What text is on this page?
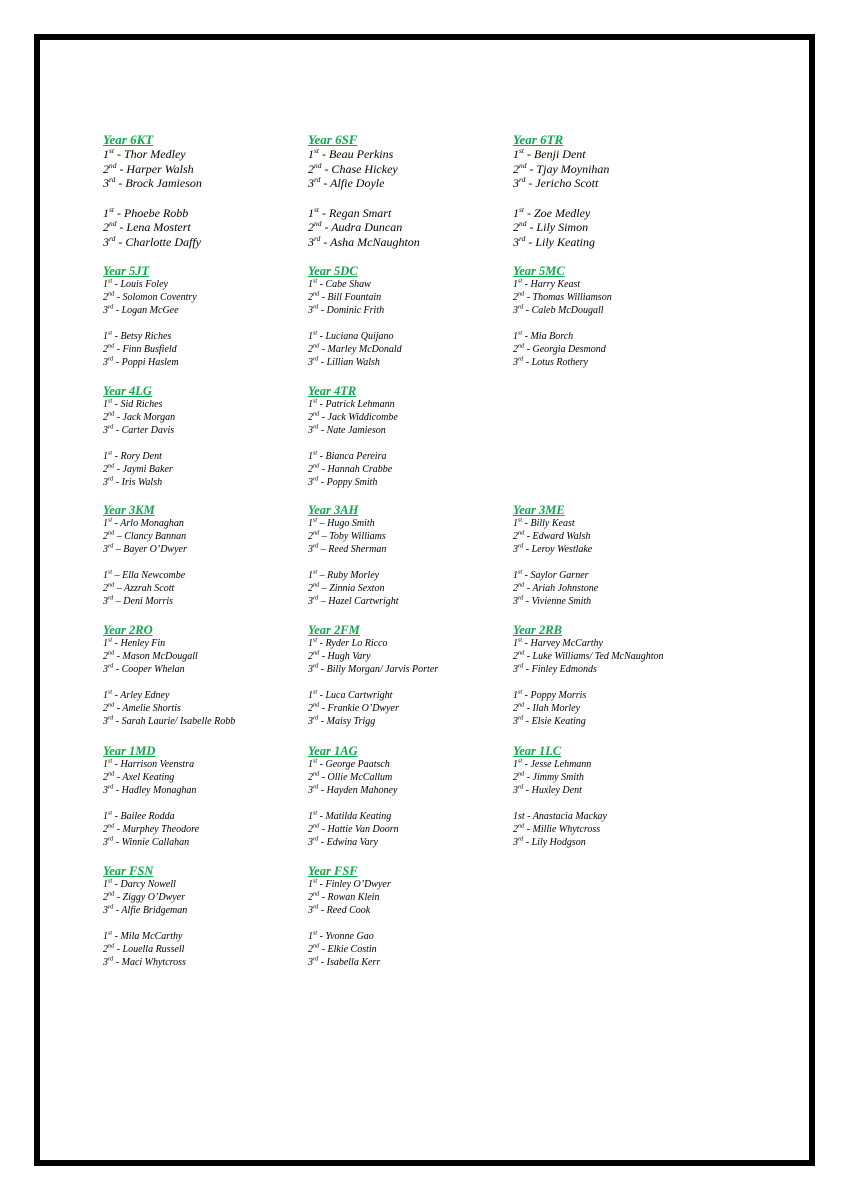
Year 6KT
1st - Thor Medley
2nd - Harper Walsh
3rd - Brock Jamieson
1st - Phoebe Robb
2nd - Lena Mostert
3rd - Charlotte Daffy
Year 6SF
1st - Beau Perkins
2nd - Chase Hickey
3rd - Alfie Doyle
1st - Regan Smart
2nd - Audra Duncan
3rd - Asha McNaughton
Year 6TR
1st - Benji Dent
2nd - Tjay Moynihan
3rd - Jericho Scott
1st - Zoe Medley
2nd - Lily Simon
3rd - Lily Keating
Year 5JT
1st - Louis Foley
2nd - Solomon Coventry
3rd - Logan McGee
1st - Betsy Riches
2nd - Finn Busfield
3rd - Poppi Haslem
Year 5DC
1st - Cabe Shaw
2nd - Bill Fountain
3rd - Dominic Frith
1st - Luciana Quijano
2nd - Marley McDonald
3rd - Lillian Walsh
Year 5MC
1st - Harry Keast
2nd - Thomas Williamson
3rd - Caleb McDougall
1st - Mia Borch
2nd - Georgia Desmond
3rd - Lotus Rothery
Year 4LG
1st - Sid Riches
2nd - Jack Morgan
3rd - Carter Davis
1st - Rory Dent
2nd - Jaymi Baker
3rd - Iris Walsh
Year 4TR
1st - Patrick Lehmann
2nd - Jack Widdicombe
3rd - Nate Jamieson
1st - Bianca Pereira
2nd - Hannah Crabbe
3rd - Poppy Smith
Year 3KM
1st - Arlo Monaghan
2nd – Clancy Bannan
3rd – Bayer O’Dwyer
1st – Ella Newcombe
2nd – Azzrah Scott
3rd – Deni Morris
Year 3AH
1st – Hugo Smith
2nd – Toby Williams
3rd – Reed Sherman
1st – Ruby Morley
2nd – Zinnia Sexton
3rd – Hazel Cartwright
Year 3ME
1st - Billy Keast
2nd - Edward Walsh
3rd - Leroy Westlake
1st - Saylor Garner
2nd - Ariah Johnstone
3rd - Vivienne Smith
Year 2RO
1st - Henley Fin
2nd - Mason McDougall
3rd - Cooper Whelan
1st - Arley Edney
2nd - Amelie Shortis
3rd - Sarah Laurie/ Isabelle Robb
Year 2FM
1st - Ryder Lo Ricco
2nd - Hugh Vary
3rd - Billy Morgan/ Jarvis Porter
1st - Luca Cartwright
2nd - Frankie O’Dwyer
3rd - Maisy Trigg
Year 2RB
1st - Harvey McCarthy
2nd - Luke Williams/ Ted McNaughton
3rd - Finley Edmonds
1st - Poppy Morris
2nd - Ilah Morley
3rd - Elsie Keating
Year 1MD
1st - Harrison Veenstra
2nd - Axel Keating
3rd - Hadley Monaghan
1st - Bailee Rodda
2nd - Murphey Theodore
3rd - Winnie Callahan
Year 1AG
1st - George Paatsch
2nd - Ollie McCallum
3rd - Hayden Mahoney
1st - Matilda Keating
2nd - Hattie Van Doorn
3rd - Edwina Vary
Year 1LC
1st - Jesse Lehmann
2nd - Jimmy Smith
3rd - Huxley Dent
1st - Anastacia Mackay
2nd - Millie Whytcross
3rd - Lily Hodgson
Year FSN
1st - Darcy Nowell
2nd - Ziggy O’Dwyer
3rd - Alfie Bridgeman
1st - Mila McCarthy
2nd - Louella Russell
3rd - Maci Whytcross
Year FSF
1st - Finley O’Dwyer
2nd - Rowan Klein
3rd - Reed Cook
1st - Yvonne Gao
2nd - Elkie Costin
3rd - Isabella Kerr
